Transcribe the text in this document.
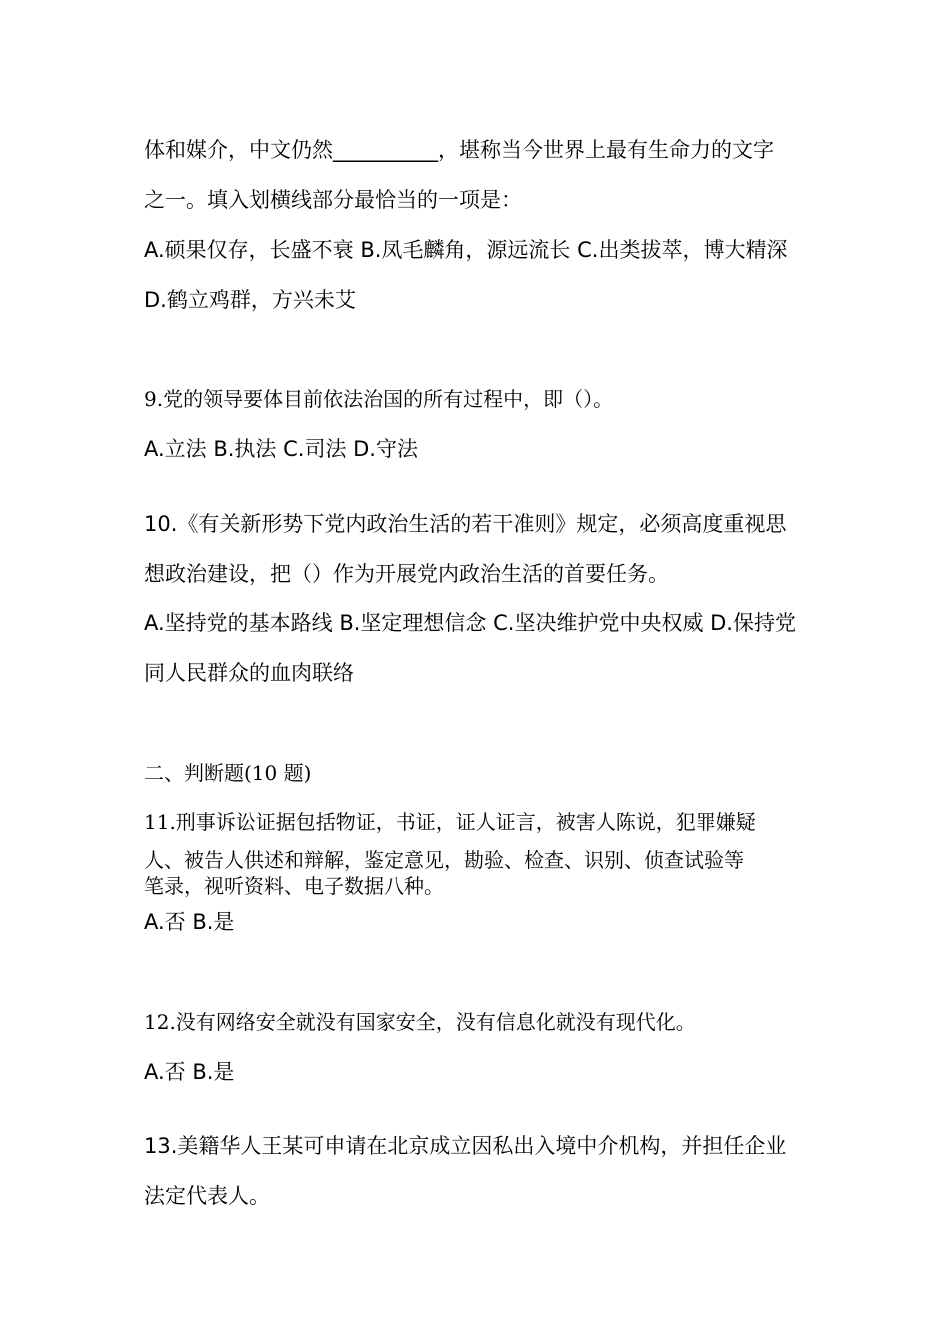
体和媒介，中文仍然__________，堪称当今世界上最有生命力的文字
之一。填入划横线部分最恰当的一项是：
A.硕果仅存，长盛不衰 B.凤毛麟角，源远流长 C.出类拔萃，博大精深
D.鹤立鸡群，方兴未艾
9.党的领导要体目前依法治国的所有过程中，即（）。
A.立法 B.执法 C.司法 D.守法
10.《有关新形势下党内政治生活的若干准则》规定，必须高度重视思
想政治建设，把（）作为开展党内政治生活的首要任务。
A.坚持党的基本路线 B.坚定理想信念 C.坚决维护党中央权威 D.保持党
同人民群众的血肉联络
二、判断题(10 题)
11.刑事诉讼证据包括物证，书证，证人证言，被害人陈说，犯罪嫌疑
人、被告人供述和辩解，鉴定意见，勘验、检查、识别、侦查试验等
笔录，视听资料、电子数据八种。
A.否 B.是
12.没有网络安全就没有国家安全，没有信息化就没有现代化。
A.否 B.是
13.美籍华人王某可申请在北京成立因私出入境中介机构，并担任企业
法定代表人。
